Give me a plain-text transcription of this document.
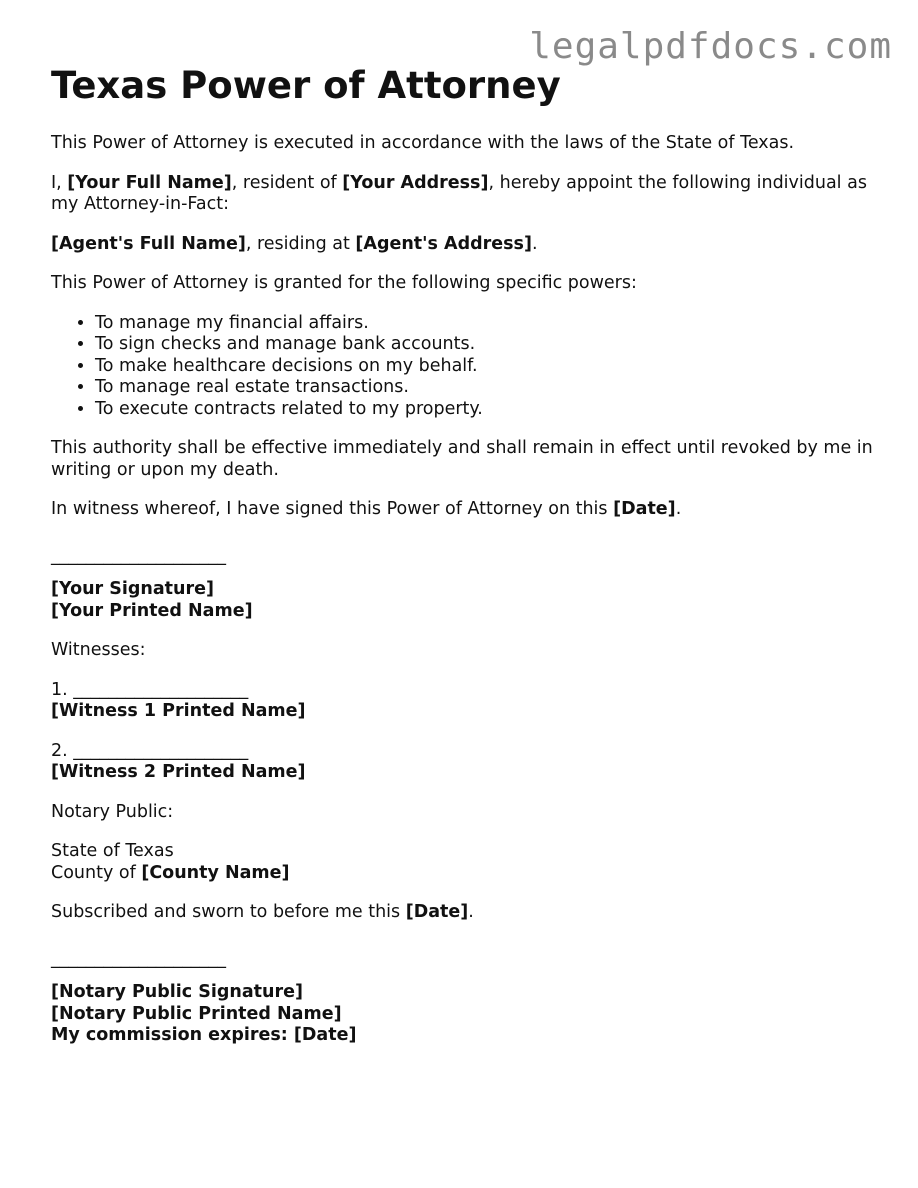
legalpdfdocs.com
Texas Power of Attorney

This Power of Attorney is executed in accordance with the laws of the State of Texas.

I, [Your Full Name], resident of [Your Address], hereby appoint the following individual as my Attorney-in-Fact:

[Agent's Full Name], residing at [Agent's Address].

This Power of Attorney is granted for the following specific powers:

• To manage my financial affairs.
• To sign checks and manage bank accounts.
• To make healthcare decisions on my behalf.
• To manage real estate transactions.
• To execute contracts related to my property.

This authority shall be effective immediately and shall remain in effect until revoked by me in writing or upon my death.

In witness whereof, I have signed this Power of Attorney on this [Date].

____________________

[Your Signature]
[Your Printed Name]

Witnesses:

1. ____________________
[Witness 1 Printed Name]

2. ____________________
[Witness 2 Printed Name]

Notary Public:

State of Texas
County of [County Name]

Subscribed and sworn to before me this [Date].

____________________

[Notary Public Signature]
[Notary Public Printed Name]
My commission expires: [Date]
